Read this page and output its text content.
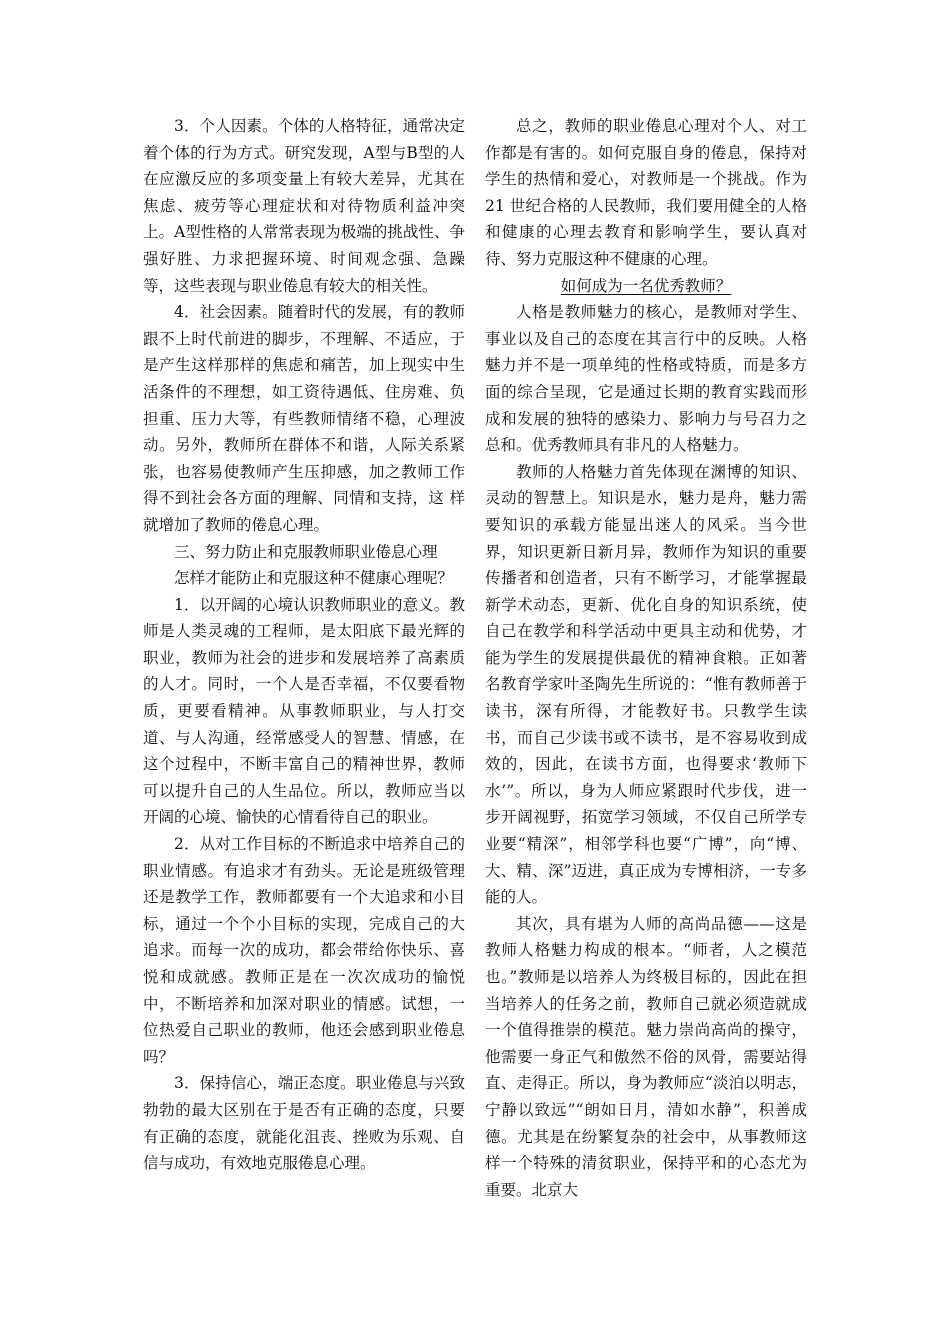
3．个人因素。个体的人格特征，通常决定着个体的行为方式。研究发现，A型与B型的人在应激反应的多项变量上有较大差异，尤其在焦虑、疲劳等心理症状和对待物质利益冲突上。A型性格的人常常表现为极端的挑战性、争强好胜、力求把握环境、时间观念强、急躁等，这些表现与职业倦息有较大的相关性。

4．社会因素。随着时代的发展，有的教师跟不上时代前进的脚步，不理解、不适应，于是产生这样那样的焦虑和痛苦，加上现实中生活条件的不理想，如工资待遇低、住房难、负担重、压力大等，有些教师情绪不稳，心理波动。另外，教师所在群体不和谐，人际关系紧张，也容易使教师产生压抑感，加之教师工作得不到社会各方面的理解、同情和支持，这 样就增加了教师的倦息心理。

三、努力防止和克服教师职业倦息心理

怎样才能防止和克服这种不健康心理呢？

1．以开阔的心境认识教师职业的意义。教师是人类灵魂的工程师，是太阳底下最光辉的职业，教师为社会的进步和发展培养了高素质的人才。同时，一个人是否幸福，不仅要看物质，更要看精神。从事教师职业，与人打交道、与人沟通，经常感受人的智慧、情感，在这个过程中，不断丰富自己的精神世界，教师可以提升自己的人生品位。所以，教师应当以开阔的心境、愉快的心情看待自己的职业。

2．从对工作目标的不断追求中培养自己的职业情感。有追求才有劲头。无论是班级管理还是教学工作，教师都要有一个大追求和小目标，通过一个个小目标的实现，完成自己的大追求。而每一次的成功，都会带给你快乐、喜悦和成就感。教师正是在一次次成功的愉悦中，不断培养和加深对职业的情感。试想，一位热爱自己职业的教师，他还会感到职业倦息吗？

3．保持信心，端正态度。职业倦息与兴致勃勃的最大区别在于是否有正确的态度，只要有正确的态度，就能化沮丧、挫败为乐观、自信与成功，有效地克服倦息心理。

总之，教师的职业倦息心理对个人、对工作都是有害的。如何克服自身的倦息，保持对学生的热情和爱心，对教师是一个挑战。作为 21 世纪合格的人民教师，我们要用健全的人格和健康的心理去教育和影响学生，要认真对待、努力克服这种不健康的心理。

如何成为一名优秀教师？

人格是教师魅力的核心，是教师对学生、事业以及自己的态度在其言行中的反映。人格魅力并不是一项单纯的性格或特质，而是多方面的综合呈现，它是通过长期的教育实践而形成和发展的独特的感染力、影响力与号召力之总和。优秀教师具有非凡的人格魅力。

教师的人格魅力首先体现在渊博的知识、灵动的智慧上。知识是水，魅力是舟，魅力需要知识的承载方能显出迷人的风采。当今世界，知识更新日新月异，教师作为知识的重要传播者和创造者，只有不断学习，才能掌握最新学术动态，更新、优化自身的知识系统，使自己在教学和科学活动中更具主动和优势，才能为学生的发展提供最优的精神食粮。正如著名教育学家叶圣陶先生所说的：“惟有教师善于读书，深有所得，才能教好书。只教学生读书，而自己少读书或不读书，是不容易收到成效的，因此，在读书方面，也得要求‘教师下水’”。所以，身为人师应紧跟时代步伐，进一步开阔视野，拓宽学习领域，不仅自己所学专业要“精深”，相邻学科也要“广博”，向“博、大、精、深”迈进，真正成为专博相济，一专多能的人。

其次，具有堪为人师的高尚品德——这是教师人格魅力构成的根本。“师者，人之模范也。”教师是以培养人为终极目标的，因此在担当培养人的任务之前，教师自己就必须造就成一个值得推崇的模范。魅力崇尚高尚的操守，他需要一身正气和傲然不俗的风骨，需要站得直、走得正。所以，身为教师应“淡泊以明志，宁静以致远”“朗如日月，清如水静”，积善成德。尤其是在纷繁复杂的社会中，从事教师这样一个特殊的清贫职业，保持平和的心态尤为重要。北京大
